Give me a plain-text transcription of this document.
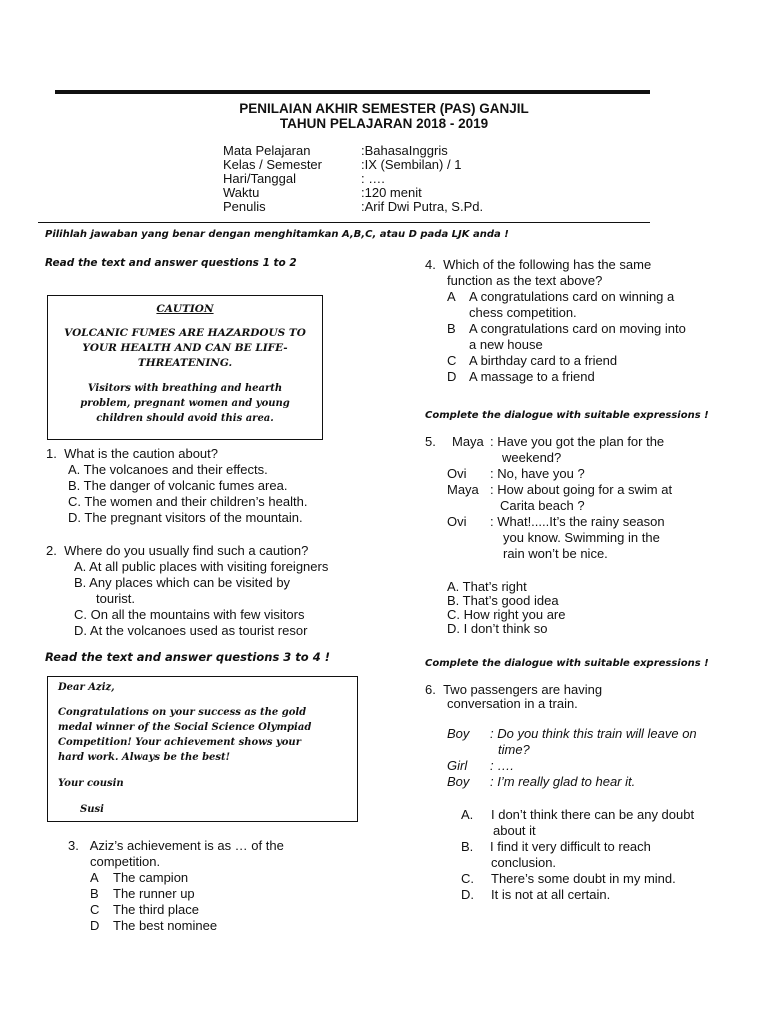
PENILAIAN AKHIR SEMESTER (PAS) GANJIL
TAHUN PELAJARAN 2018 - 2019
Mata Pelajaran	:BahasaInggris
Kelas / Semester	:IX (Sembilan) / 1
Hari/Tanggal	: ….
Waktu	:120 menit
Penulis	:Arif Dwi Putra, S.Pd.
Pilihlah jawaban yang benar dengan menghitamkan A,B,C, atau D pada LJK anda !
Read the text and answer questions 1 to 2
CAUTION
VOLCANIC FUMES ARE HAZARDOUS TO
YOUR HEALTH AND CAN BE LIFE-
THREATENING.
Visitors with breathing and hearth
problem, pregnant women and young
children should avoid this area.
1. What is the caution about?
A. The volcanoes and their effects.
B. The danger of volcanic fumes area.
C. The women and their children’s health.
D. The pregnant visitors of the mountain.
2. Where do you usually find such a caution?
A. At all public places with visiting foreigners
B. Any places which can be visited by
tourist.
C. On all the mountains with few visitors
D. At the volcanoes used as tourist resor
Read the text and answer questions 3 to 4 !
Dear Aziz,
Congratulations on your success as the gold
medal winner of the Social Science Olympiad
Competition! Your achievement shows your
hard work. Always be the best!
Your cousin
Susi
3. Aziz’s achievement is as … of the
competition.
A The campion
B The runner up
C The third place
D The best nominee
4. Which of the following has the same
function as the text above?
A A congratulations card on winning a
chess competition.
B A congratulations card on moving into
a new house
C A birthday card to a friend
D A massage to a friend
Complete the dialogue with suitable expressions !
5. Maya : Have you got the plan for the
weekend?
Ovi : No, have you ?
Maya : How about going for a swim at
Carita beach ?
Ovi : What!.....It’s the rainy season
you know. Swimming in the
rain won’t be nice.
A. That’s right
B. That’s good idea
C. How right you are
D. I don’t think so
Complete the dialogue with suitable expressions !
6. Two passengers are having
conversation in a train.
Boy : Do you think this train will leave on
time?
Girl : ….
Boy : I’m really glad to hear it.
A. I don’t think there can be any doubt
about it
B. I find it very difficult to reach
conclusion.
C. There’s some doubt in my mind.
D. It is not at all certain.
